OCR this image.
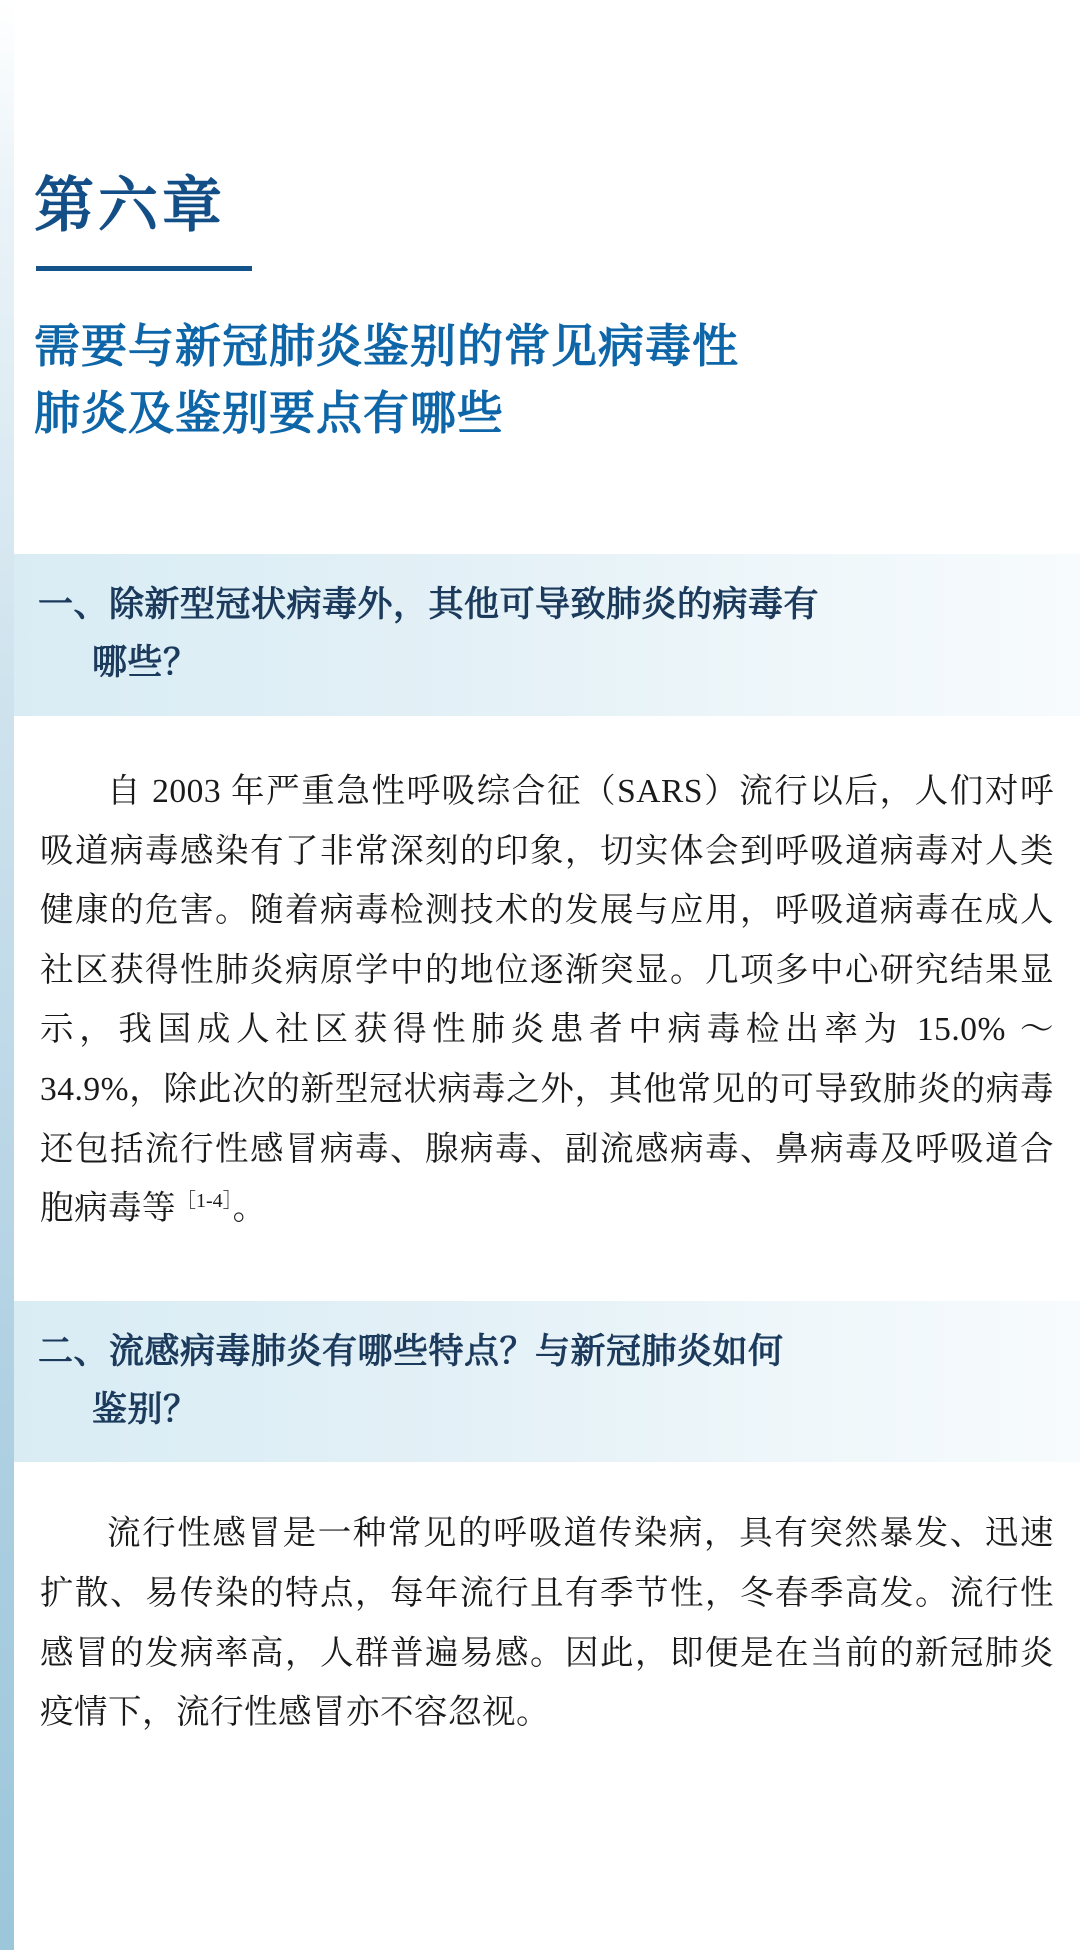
第六章
需要与新冠肺炎鉴别的常见病毒性
肺炎及鉴别要点有哪些
一、除新型冠状病毒外，其他可导致肺炎的病毒有
哪些？
自 2003 年严重急性呼吸综合征（SARS）流行以后，人们对呼吸道病毒感染有了非常深刻的印象，切实体会到呼吸道病毒对人类健康的危害。随着病毒检测技术的发展与应用，呼吸道病毒在成人社区获得性肺炎病原学中的地位逐渐突显。几项多中心研究结果显示，我国成人社区获得性肺炎患者中病毒检出率为 15.0% ～ 34.9%，除此次的新型冠状病毒之外，其他常见的可导致肺炎的病毒还包括流行性感冒病毒、腺病毒、副流感病毒、鼻病毒及呼吸道合胞病毒等$^{[1-4]}$。
二、流感病毒肺炎有哪些特点？与新冠肺炎如何
鉴别？
流行性感冒是一种常见的呼吸道传染病，具有突然暴发、迅速扩散、易传染的特点，每年流行且有季节性，冬春季高发。流行性感冒的发病率高，人群普遍易感。因此，即便是在当前的新冠肺炎疫情下，流行性感冒亦不容忽视。
